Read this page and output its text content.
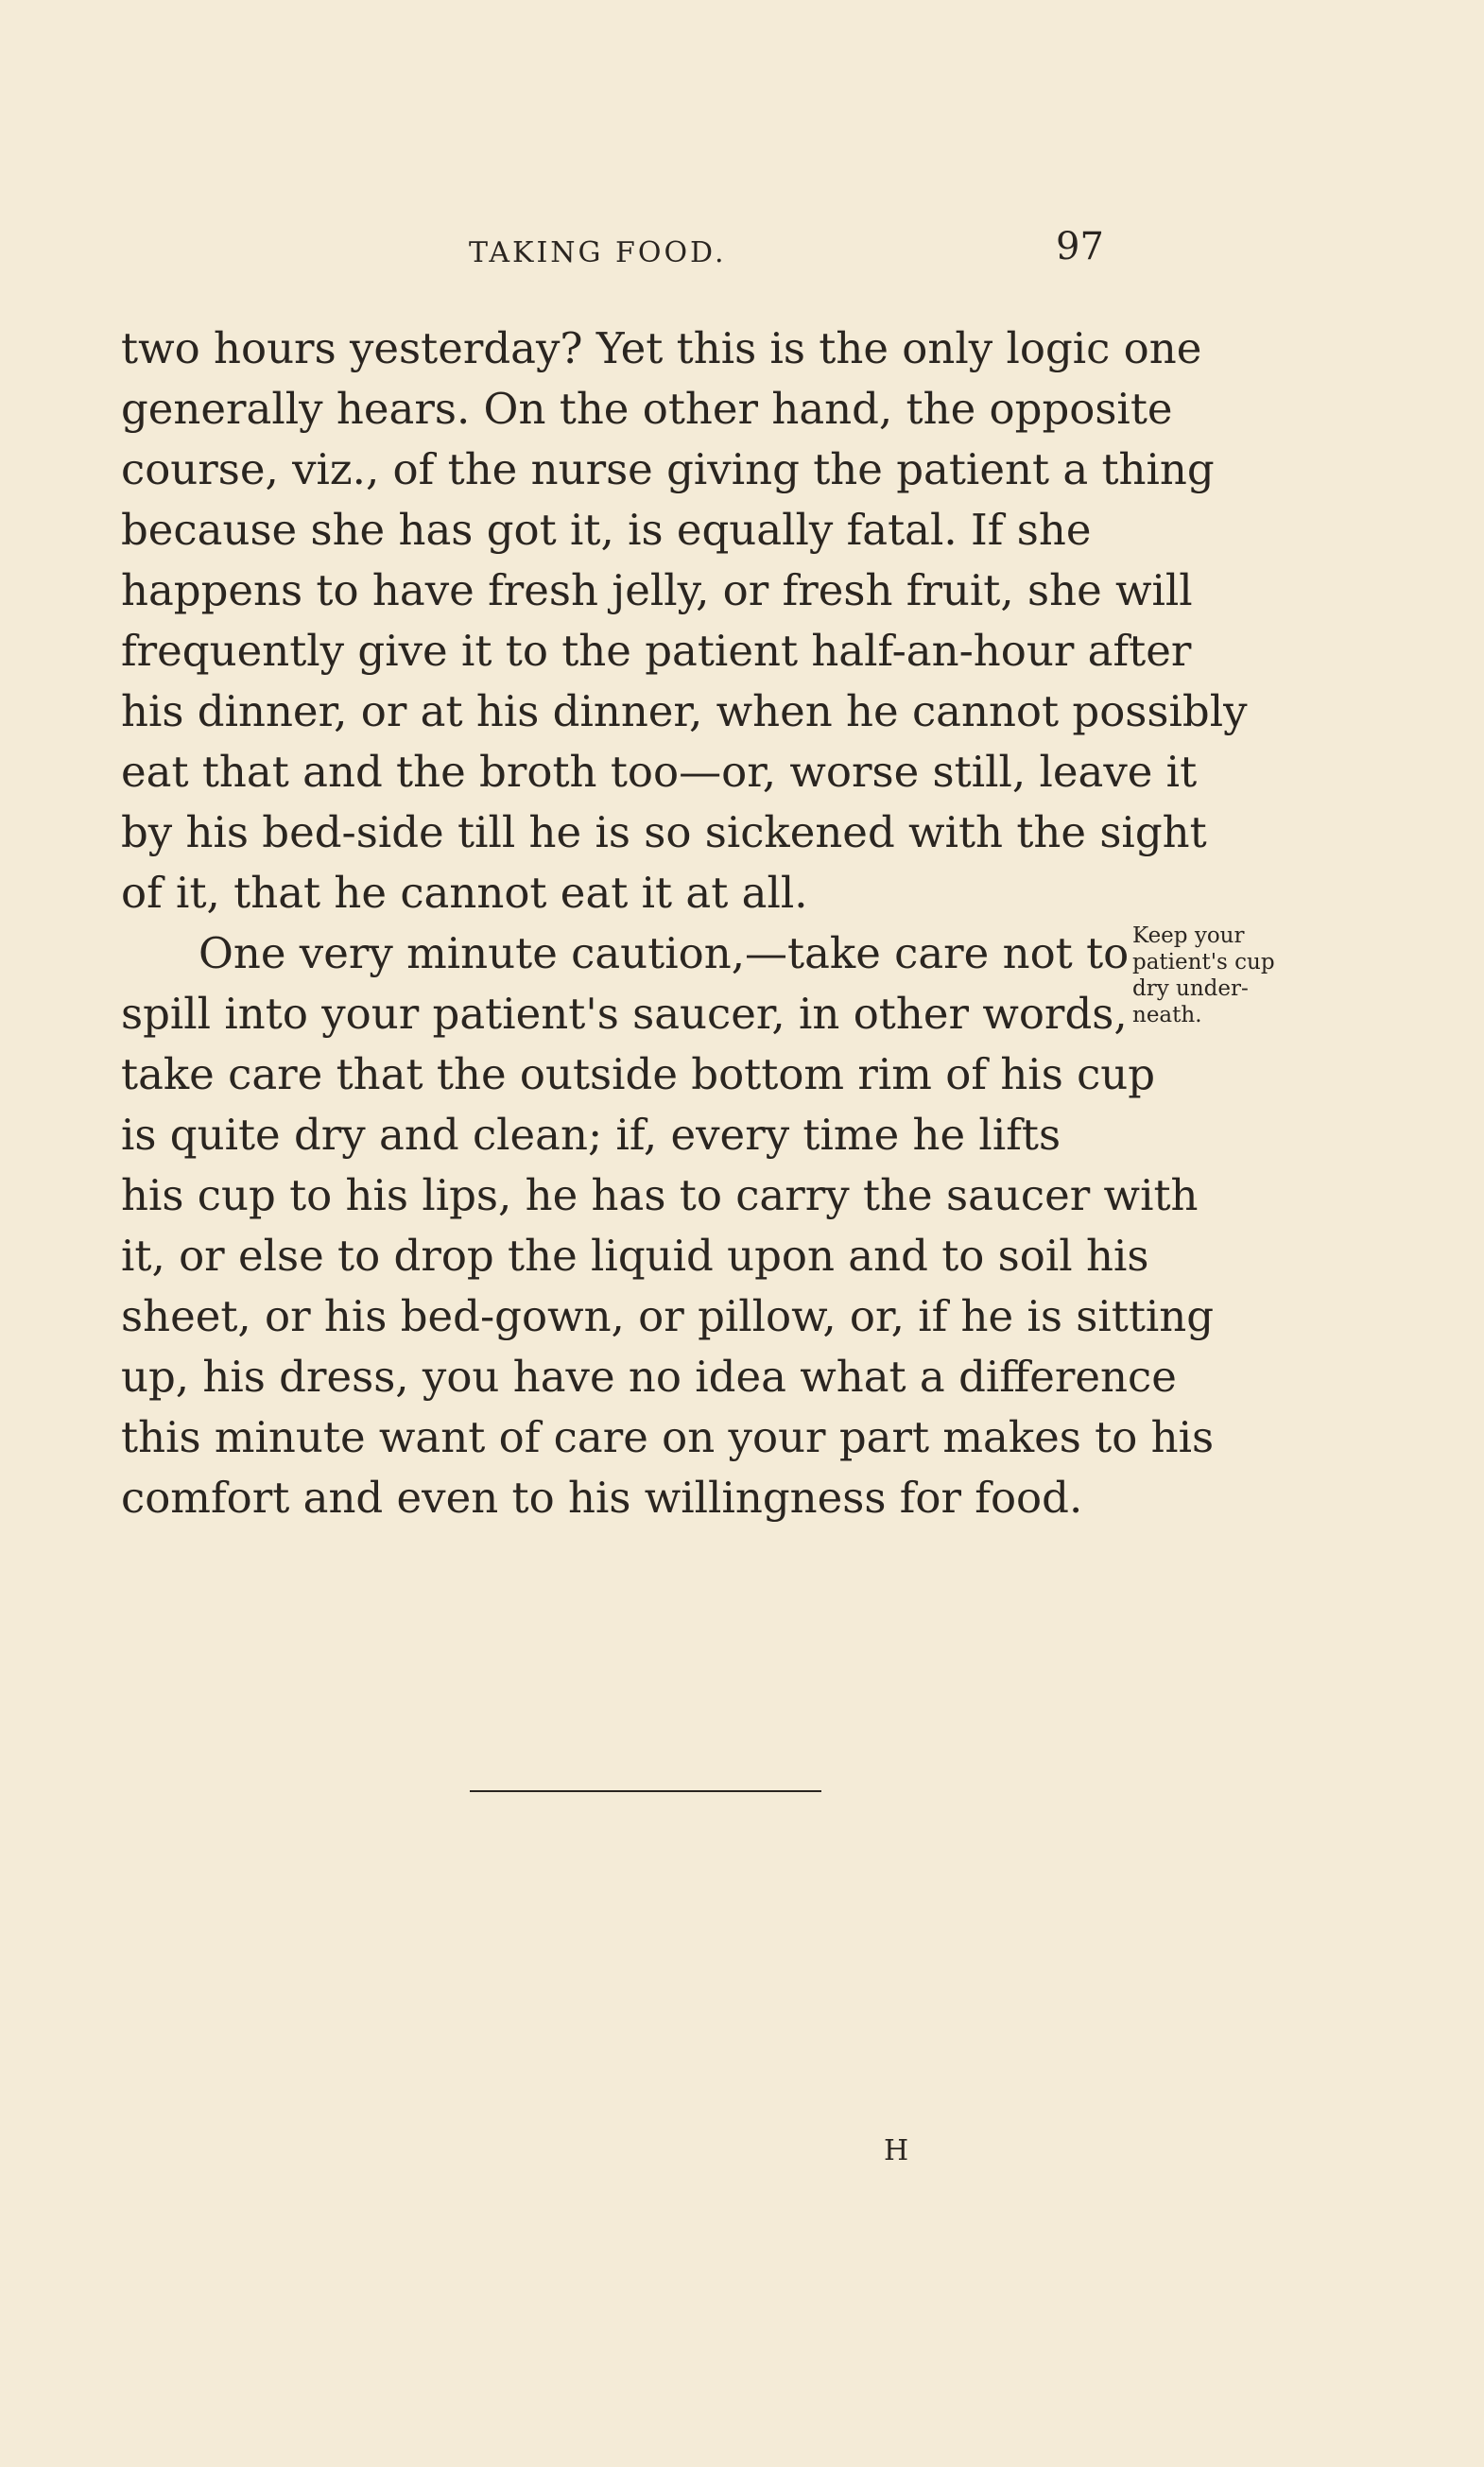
TAKING FOOD.	97
two hours yesterday? Yet this is the only logic one
generally hears. On the other hand, the opposite
course, viz., of the nurse giving the patient a thing
because she has got it, is equally fatal. If she
happens to have fresh jelly, or fresh fruit, she will
frequently give it to the patient half-an-hour after
his dinner, or at his dinner, when he cannot possibly
eat that and the broth too—or, worse still, leave it
by his bed-side till he is so sickened with the sight
of it, that he cannot eat it at all.
One very minute caution,—take care not to
spill into your patient's saucer, in other words,
take care that the outside bottom rim of his cup
is quite dry and clean; if, every time he lifts
his cup to his lips, he has to carry the saucer with
it, or else to drop the liquid upon and to soil his
sheet, or his bed-gown, or pillow, or, if he is sitting
up, his dress, you have no idea what a difference
this minute want of care on your part makes to his
comfort and even to his willingness for food.
Keep your
patient's cup
dry under-
neath.
H
